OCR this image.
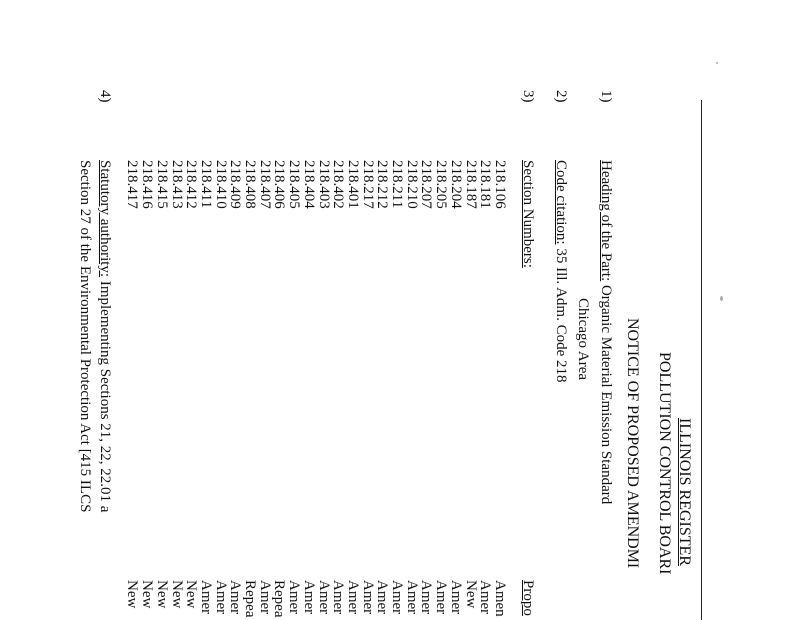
ILLINOIS REGISTER
POLLUTION CONTROL BOARI
NOTICE OF PROPOSED AMENDMI
1)
Heading of the Part: Organic Material Emission Standard
Chicago Area
2)
Code citation: 35 Ill. Adm. Code 218
3)
Section Numbers:
Propo
218.106
218.181
218.187
218.204
218.205
218.207
218.210
218.211
218.212
218.217
218.401
218.402
218.403
218.404
218.405
218.406
218.407
218.408
218.409
218.410
218.411
218.412
218.413
218.415
218.416
218.417
Amen
Amer
New
Amer
Amer
Amer
Amer
Amer
Amer
Amer
Amer
Amer
Amer
Amer
Amer
Repea
Amer
Repea
Amer
Amer
Amer
New
New
New
New
New
4)
Statutory authority: Implementing Sections 21, 22, 22.01 a
Section 27 of the Environmental Protection Act [415 ILCS
